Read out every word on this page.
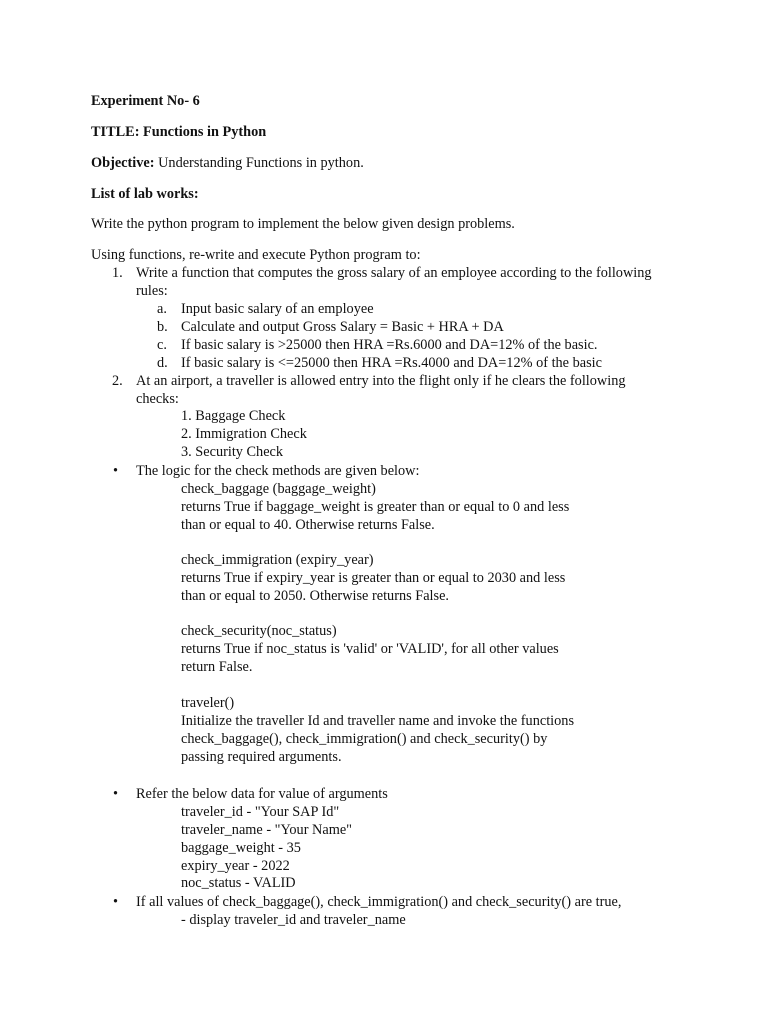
Experiment No- 6
TITLE: Functions in Python
Objective: Understanding Functions in python.
List of lab works:
Write the python program to implement the below given design problems.
Using functions, re-write and execute Python program to:
1. Write a function that computes the gross salary of an employee according to the following
rules:
a. Input basic salary of an employee
b. Calculate and output Gross Salary = Basic + HRA + DA
c. If basic salary is >25000 then HRA =Rs.6000 and DA=12% of the basic.
d. If basic salary is <=25000 then HRA =Rs.4000 and DA=12% of the basic
2. At an airport, a traveller is allowed entry into the flight only if he clears the following
checks:
1. Baggage Check
2. Immigration Check
3. Security Check
• The logic for the check methods are given below:
check_baggage (baggage_weight)
returns True if baggage_weight is greater than or equal to 0 and less
than or equal to 40. Otherwise returns False.
check_immigration (expiry_year)
returns True if expiry_year is greater than or equal to 2030 and less
than or equal to 2050. Otherwise returns False.
check_security(noc_status)
returns True if noc_status is 'valid' or 'VALID', for all other values
return False.
traveler()
Initialize the traveller Id and traveller name and invoke the functions
check_baggage(), check_immigration() and check_security() by
passing required arguments.
• Refer the below data for value of arguments
traveler_id - "Your SAP Id"
traveler_name - "Your Name"
baggage_weight - 35
expiry_year - 2022
noc_status - VALID
• If all values of check_baggage(), check_immigration() and check_security() are true,
- display traveler_id and traveler_name
